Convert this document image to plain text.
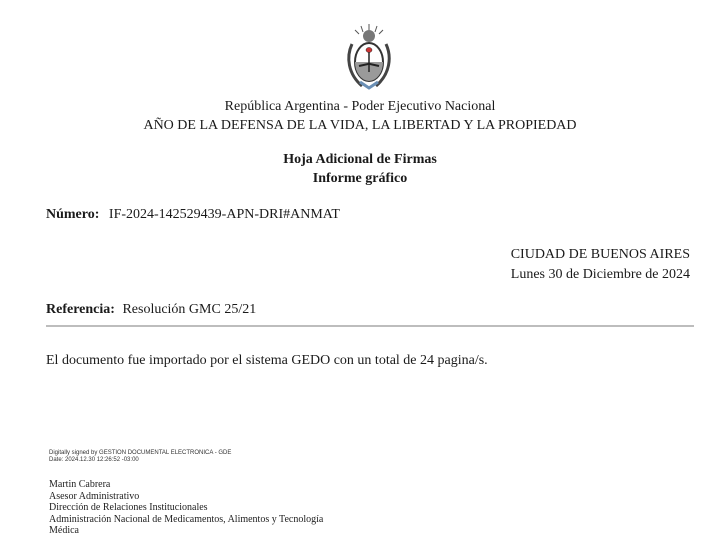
República Argentina - Poder Ejecutivo Nacional
AÑO DE LA DEFENSA DE LA VIDA, LA LIBERTAD Y LA PROPIEDAD
Hoja Adicional de Firmas
Informe gráfico
Número: IF-2024-142529439-APN-DRI#ANMAT
CIUDAD DE BUENOS AIRES
Lunes 30 de Diciembre de 2024
Referencia: Resolución GMC 25/21
El documento fue importado por el sistema GEDO con un total de 24 pagina/s.
Digitally signed by GESTION DOCUMENTAL ELECTRONICA - GDE
Date: 2024.12.30 12:26:52 -03:00
Martin Cabrera
Asesor Administrativo
Dirección de Relaciones Institucionales
Administración Nacional de Medicamentos, Alimentos y Tecnología
Médica
